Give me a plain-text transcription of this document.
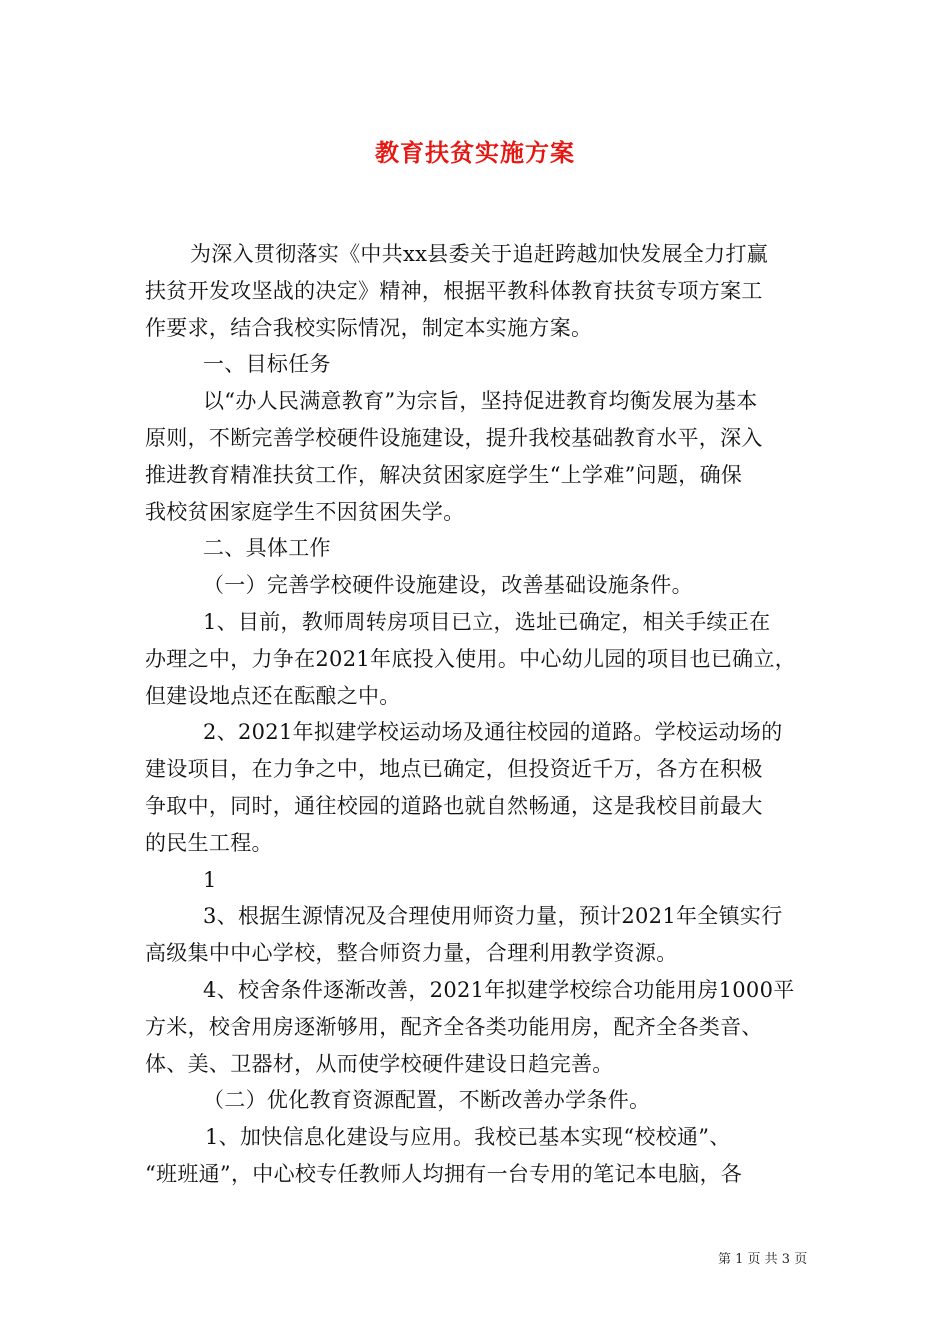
教育扶贫实施方案
为深入贯彻落实《中共xx县委关于追赶跨越加快发展全力打赢
扶贫开发攻坚战的决定》精神，根据平教科体教育扶贫专项方案工
作要求，结合我校实际情况，制定本实施方案。
一、目标任务
以“办人民满意教育”为宗旨，坚持促进教育均衡发展为基本
原则，不断完善学校硬件设施建设，提升我校基础教育水平，深入
推进教育精准扶贫工作，解决贫困家庭学生“上学难”问题，确保
我校贫困家庭学生不因贫困失学。
二、具体工作
（一）完善学校硬件设施建设，改善基础设施条件。
1、目前，教师周转房项目已立，选址已确定，相关手续正在
办理之中，力争在2021年底投入使用。中心幼儿园的项目也已确立，
但建设地点还在酝酿之中。
2、2021年拟建学校运动场及通往校园的道路。学校运动场的
建设项目，在力争之中，地点已确定，但投资近千万，各方在积极
争取中，同时，通往校园的道路也就自然畅通，这是我校目前最大
的民生工程。
1
3、根据生源情况及合理使用师资力量，预计2021年全镇实行
高级集中中心学校，整合师资力量，合理利用教学资源。
4、校舍条件逐渐改善，2021年拟建学校综合功能用房1000平
方米，校舍用房逐渐够用，配齐全各类功能用房，配齐全各类音、
体、美、卫器材，从而使学校硬件建设日趋完善。
（二）优化教育资源配置，不断改善办学条件。
1、加快信息化建设与应用。我校已基本实现“校校通”、
“班班通”，中心校专任教师人均拥有一台专用的笔记本电脑，各
第 1 页 共 3 页
